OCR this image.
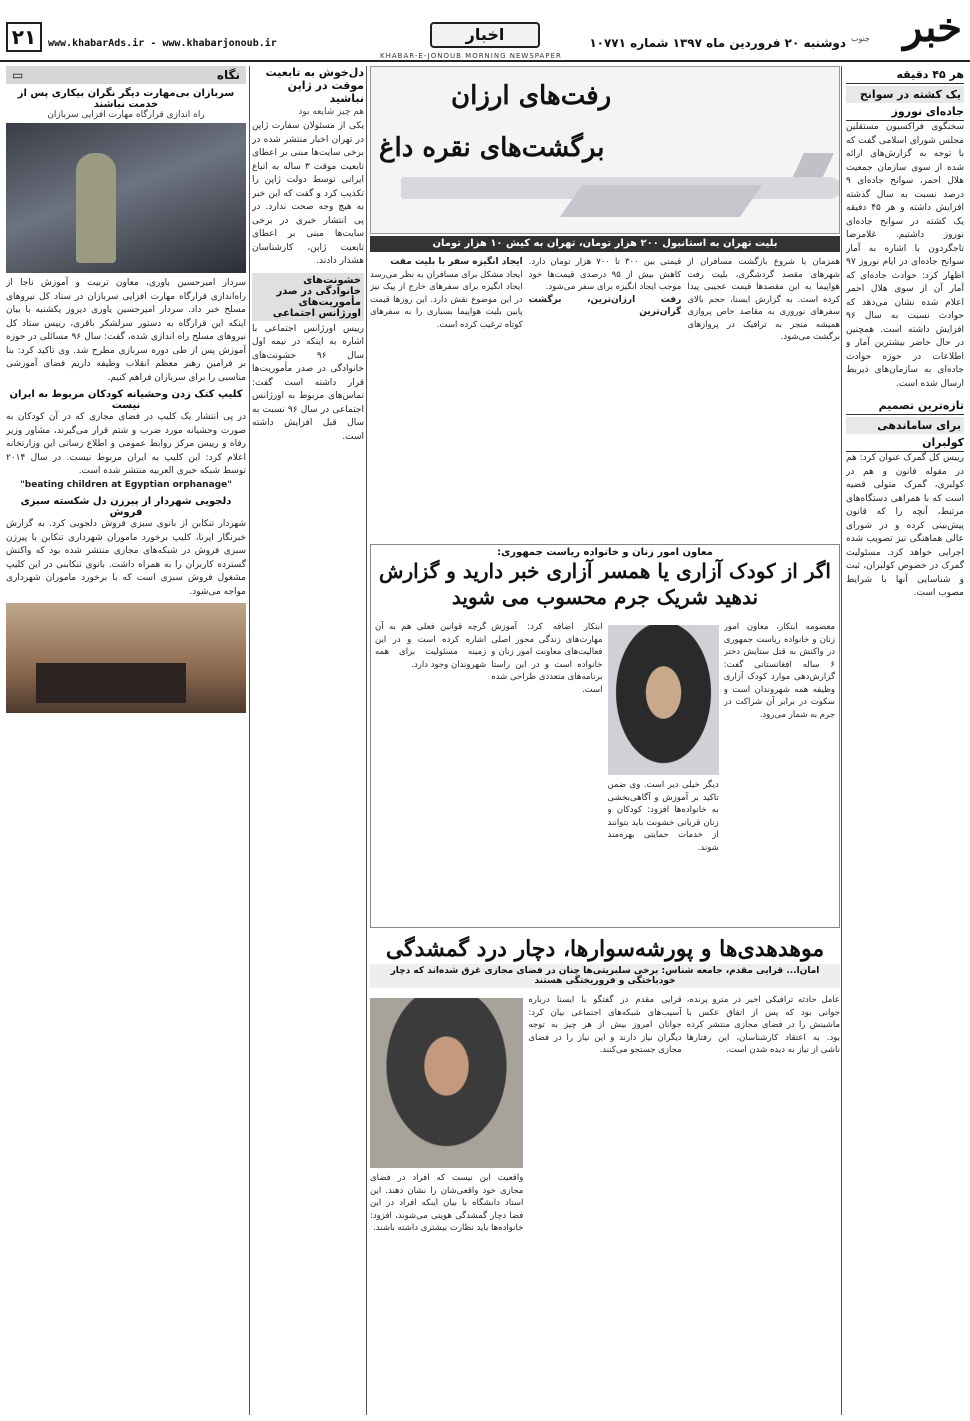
خبر
جنوب
دوشنبه ۲۰ فروردین ماه ۱۳۹۷ شماره ۱۰۷۷۱
اخبار
www.khabarAds.ir - www.khabarjonoub.ir
۲۱
KHABAR-E-JONOUB MORNING NEWSPAPER
هر ۴۵ دقیقه
یک کشته در سوانح
جاده‌ای نوروز

سخنگوی فراکسیون مستقلین مجلس شورای اسلامی گفت که با توجه به گزارش‌های ارائه شده از سوی سازمان جمعیت هلال احمر، سوانح جاده‌ای ۹ درصد نسبت به سال گذشته افزایش داشته و هر ۴۵ دقیقه یک کشته در سوانح جاده‌ای نوروز داشتیم. غلامرضا تاجگردون با اشاره به آمار سوانح جاده‌ای در ایام نوروز ۹۷ اظهار کرد: حوادث جاده‌ای که آمار آن از سوی هلال احمر اعلام شده نشان می‌دهد که حوادث نسبت به سال ۹۶ افزایش داشته است. همچنین در حال حاضر بیشترین آمار و اطلاعات در حوزه حوادث جاده‌ای به سازمان‌های ذیربط ارسال شده است.

تازه‌ترین تصمیم
برای ساماندهی
کولبران

رییس کل گمرک عنوان کرد: هم در مقوله قانون و هم در کولبری، گمرک متولی قضیه است که با همراهی دستگاه‌های مرتبط، آنچه را که قانون پیش‌بینی کرده و در شورای عالی هماهنگی نیز تصویب شده اجرایی خواهد کرد. مسئولیت گمرک در خصوص کولبران، ثبت و شناسایی آنها با شرایط مصوب است.

رفت‌های ارزان
برگشت‌های نقره داغ
بلیت تهران به استانبول ۲۰۰ هزار تومان، تهران به کیش ۱۰ هزار تومان
همزمان با شروع بازگشت مسافران از شهرهای مقصد گردشگری، بلیت رفت هواپیما به این مقصدها قیمت عجیبی پیدا کرده است. به گزارش ایسنا، حجم بالای سفرهای نوروزی به مقاصد خاص پروازی همیشه منجر به ترافیک در پروازهای برگشت می‌شود.
قیمتی بین ۳۰۰ تا ۷۰۰ هزار تومان دارد. کاهش بیش از ۹۵ درصدی قیمت‌ها خود موجب ایجاد انگیزه برای سفر می‌شود.
رفت ارزان‌ترین، برگشت گران‌ترین
ایجاد انگیزه سفر با بلیت مفت
ایجاد مشکل برای مسافران به نظر می‌رسد ایجاد انگیزه برای سفرهای خارج از پیک نیز در این موضوع نقش دارد. این روزها قیمت پایین بلیت هواپیما بسیاری را به سفرهای کوتاه ترغیب کرده است.
معاون امور زنان و خانواده ریاست جمهوری:
اگر از کودک آزاری یا همسر آزاری خبر دارید و گزارش ندهید شریک جرم محسوب می شوید
معصومه ابتکار، معاون امور زنان و خانواده ریاست جمهوری در واکنش به قتل ستایش دختر ۶ ساله افغانستانی گفت: گزارش‌دهی موارد کودک آزاری وظیفه همه شهروندان است و سکوت در برابر آن شراکت در جرم به شمار می‌رود.
دیگر خیلی دیر است. وی ضمن تاکید بر آموزش و آگاهی‌بخشی به خانواده‌ها افزود: کودکان و زنان قربانی خشونت باید بتوانند از خدمات حمایتی بهره‌مند شوند.
ابتکار اضافه کرد: آموزش مهارت‌های زندگی محور اصلی فعالیت‌های معاونت امور زنان و خانواده است و در این راستا برنامه‌های متعددی طراحی شده است.
گرچه قوانین فعلی هم به آن اشاره کرده است و در این زمینه مسئولیت برای همه شهروندان وجود دارد.
موهدهدی‌ها و پورشه‌سوارها، دچار درد گمشدگی
امان‌ا... قرایی مقدم، جامعه شناس: برخی سلبریتی‌ها چنان در فضای مجازی غرق شده‌اند که دچار خودباختگی و فروریختگی هستند
عامل حادثه ترافیکی اخیر در مترو پرنده، جوانی بود که پس از اتفاق عکس با ماشینش را در فضای مجازی منتشر کرده بود. به اعتقاد کارشناسان، این رفتارها ناشی از نیاز به دیده شدن است.
قرایی مقدم در گفتگو با ایسنا درباره آسیب‌های شبکه‌های اجتماعی بیان کرد: جوانان امروز بیش از هر چیز به توجه دیگران نیاز دارند و این نیاز را در فضای مجازی جستجو می‌کنند.
واقعیت این نیست که افراد در فضای مجازی خود واقعی‌شان را نشان دهند. این استاد دانشگاه با بیان اینکه افراد در این فضا دچار گمشدگی هویتی می‌شوند، افزود: خانواده‌ها باید نظارت بیشتری داشته باشند.
دل‌خوش به تابعیت موقت در ژاپن نباشید
هم چیز شایعه بود

یکی از مسئولان سفارت ژاپن در تهران اخبار منتشر شده در برخی سایت‌ها مبنی بر اعطای تابعیت موقت ۳ ساله به اتباع ایرانی توسط دولت ژاپن را تکذیب کرد و گفت که این خبر به هیچ وجه صحت ندارد. در پی انتشار خبری در برخی سایت‌ها مبنی بر اعطای تابعیت ژاپن، کارشناسان هشدار دادند.

خشونت‌های خانوادگی در صدر مأموریت‌های اورژانس اجتماعی

رییس اورژانس اجتماعی با اشاره به اینکه در نیمه اول سال ۹۶ خشونت‌های خانوادگی در صدر مأموریت‌ها قرار داشته است گفت: تماس‌های مربوط به اورژانس اجتماعی در سال ۹۶ نسبت به سال قبل افزایش داشته است.

نگاه
▭
سربازان بی‌مهارت دیگر نگران بیکاری پس از خدمت نباشند
راه اندازی قرارگاه مهارت افزایی سربازان

سردار امیرحسین یاوری، معاون تربیت و آموزش ناجا از راه‌اندازی قرارگاه مهارت افزایی سربازان در ستاد کل نیروهای مسلح خبر داد. سردار امیرحسین یاوری دیروز یکشنبه با بیان اینکه این قرارگاه به دستور سرلشکر باقری، رییس ستاد کل نیروهای مسلح راه اندازی شده، گفت: سال ۹۶ مسائلی در حوزه آموزش پس از طی دوره سربازی مطرح شد. وی تاکید کرد: بنا بر فرامین رهبر معظم انقلاب وظیفه داریم فضای آموزشی مناسبی را برای سربازان فراهم کنیم.

کلیپ کتک زدن وحشیانه کودکان مربوط به ایران نیست

در پی انتشار یک کلیپ در فضای مجازی که در آن کودکان به صورت وحشیانه مورد ضرب و شتم قرار می‌گیرند، مشاور وزیر رفاه و رییس مرکز روابط عمومی و اطلاع رسانی این وزارتخانه اعلام کرد: این کلیپ به ایران مربوط نیست. در سال ۲۰۱۴ توسط شبکه خبری العربیه منتشر شده است.

"beating children at Egyptian orphanage"

دلجویی شهردار از پیرزن دل شکسته سبزی فروش

شهردار تنکابن از بانوی سبزی فروش دلجویی کرد. به گزارش خبرنگار ایرنا، کلیپ برخورد ماموران شهرداری تنکابن با پیرزن سبزی فروش در شبکه‌های مجازی منتشر شده بود که واکنش گسترده کاربران را به همراه داشت. بانوی تنکابنی در این کلیپ مشغول فروش سبزی است که با برخورد ماموران شهرداری مواجه می‌شود.
